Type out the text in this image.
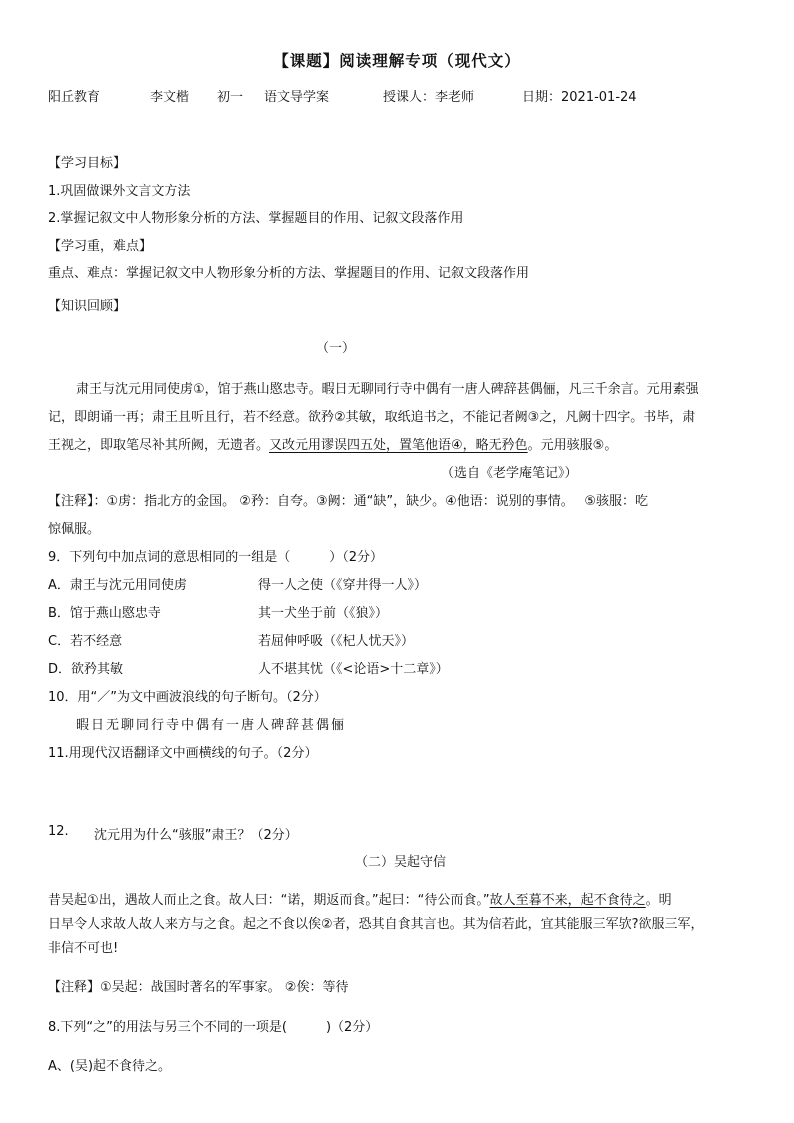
【课题】阅读理解专项（现代文）
阳丘教育	李文楷 初一 语文导学案	授课人：李老师	日期：2021-01-24
【学习目标】
1.巩固做课外文言文方法
2.掌握记叙文中人物形象分析的方法、掌握题目的作用、记叙文段落作用
【学习重，难点】
重点、难点：掌握记叙文中人物形象分析的方法、掌握题目的作用、记叙文段落作用
【知识回顾】
（一）
肃王与沈元用同使虏①，馆于燕山愍忠寺。暇日无聊同行寺中偶有一唐人碑辞甚偶俪，凡三千余言。元用素强
记，即朗诵一再；肃王且听且行，若不经意。欲矜②其敏，取纸追书之，不能记者阙③之，凡阙十四字。书毕，肃
王视之，即取笔尽补其所阙，无遗者。又改元用谬误四五处，置笔他语④，略无矜色。元用骇服⑤。
（选自《老学庵笔记》）
【注释】：①虏：指北方的金国。 ②矜：自夸。③阙：通“缺”，缺少。④他语：说别的事情。　 ⑤骇服：吃
惊佩服。
9．下列句中加点词的意思相同的一组是（　　　）（2分）
A．肃王与沈元用同使虏	得一人之使（《穿井得一人》）
B．馆于燕山愍忠寺	其一犬坐于前（《狼》）
C．若不经意	若屈伸呼吸（《杞人忧天》）
D．欲矜其敏	人不堪其忧（《<论语>十二章》）
10．用“／”为文中画波浪线的句子断句。（2分）
暇日无聊同行寺中偶有一唐人碑辞甚偶俪
11.用现代汉语翻译文中画横线的句子。（2分）
12. 沈元用为什么“骇服”肃王？（2分）
（二）吴起守信
昔吴起①出，遇故人而止之食。故人曰：“诺，期返而食。”起曰：“待公而食。”故人至暮不来，起不食待之。明
日早令人求故人故人来方与之食。起之不食以俟②者，恐其自食其言也。其为信若此，宜其能服三军欤?欲服三军，
非信不可也!
【注释】①吴起：战国时著名的军事家。 ②俟：等待
8.下列“之”的用法与另三个不同的一项是(　　　)（2分）
A、(吴)起不食待之。
